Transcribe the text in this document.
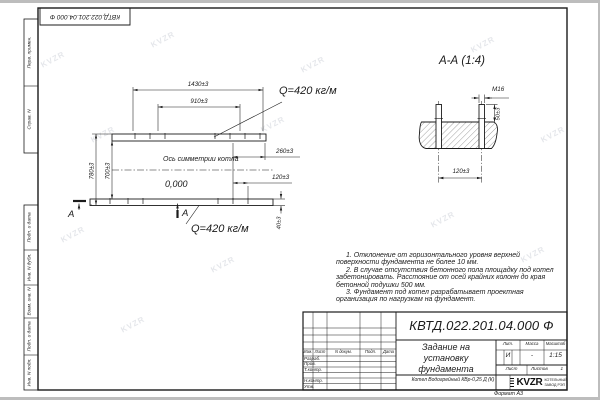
KVZR
KVZR
KVZR
KVZR
KVZR	KVZR	KVZR
KVZR
KVZR
KVZR
KVZR
KVZR
КВТД.022.201.04.000 Ф
Перв. примен.
Справ. N
Подп. и дата
Инв. N дубл.
Взам. инв. N
Подп. и дата
Инв. N подл.
1430±3
910±3
Q=420 кг/м
260±3
120±3
780±3 700±3
Ось симметрии котла
0,000
Q=420 кг/м	40±3
А	А
А-А (1:4)
М16
50±3
120±3

1. Отклонение от горизонтального уровня верхней поверхности фундамента не более 10 мм.

2. В случае отсутствия бетонного пола площадку под котел забетонировать. Расстояние от осей крайних колонн до края бетонной подушки 500 мм.

3. Фундамент под котел разрабатывает проектная организация по нагрузкам на фундамент.

КВТД.022.201.04.000 Ф
Задание на
установку
фундамента
Котел Водогрейный КВр-0,25 Д (К)
Изм. Лист	N докум.	Подп.	Дата
Разраб.
Пров.
Т.контр.
Н.контр.
Утв.
Лит.	Масса	Масштаб
И	-	1:15
Лист	Листов	1
KVZR КОТЕЛЬНЫЙ
ЗАВОД РЭП
Формат А3
